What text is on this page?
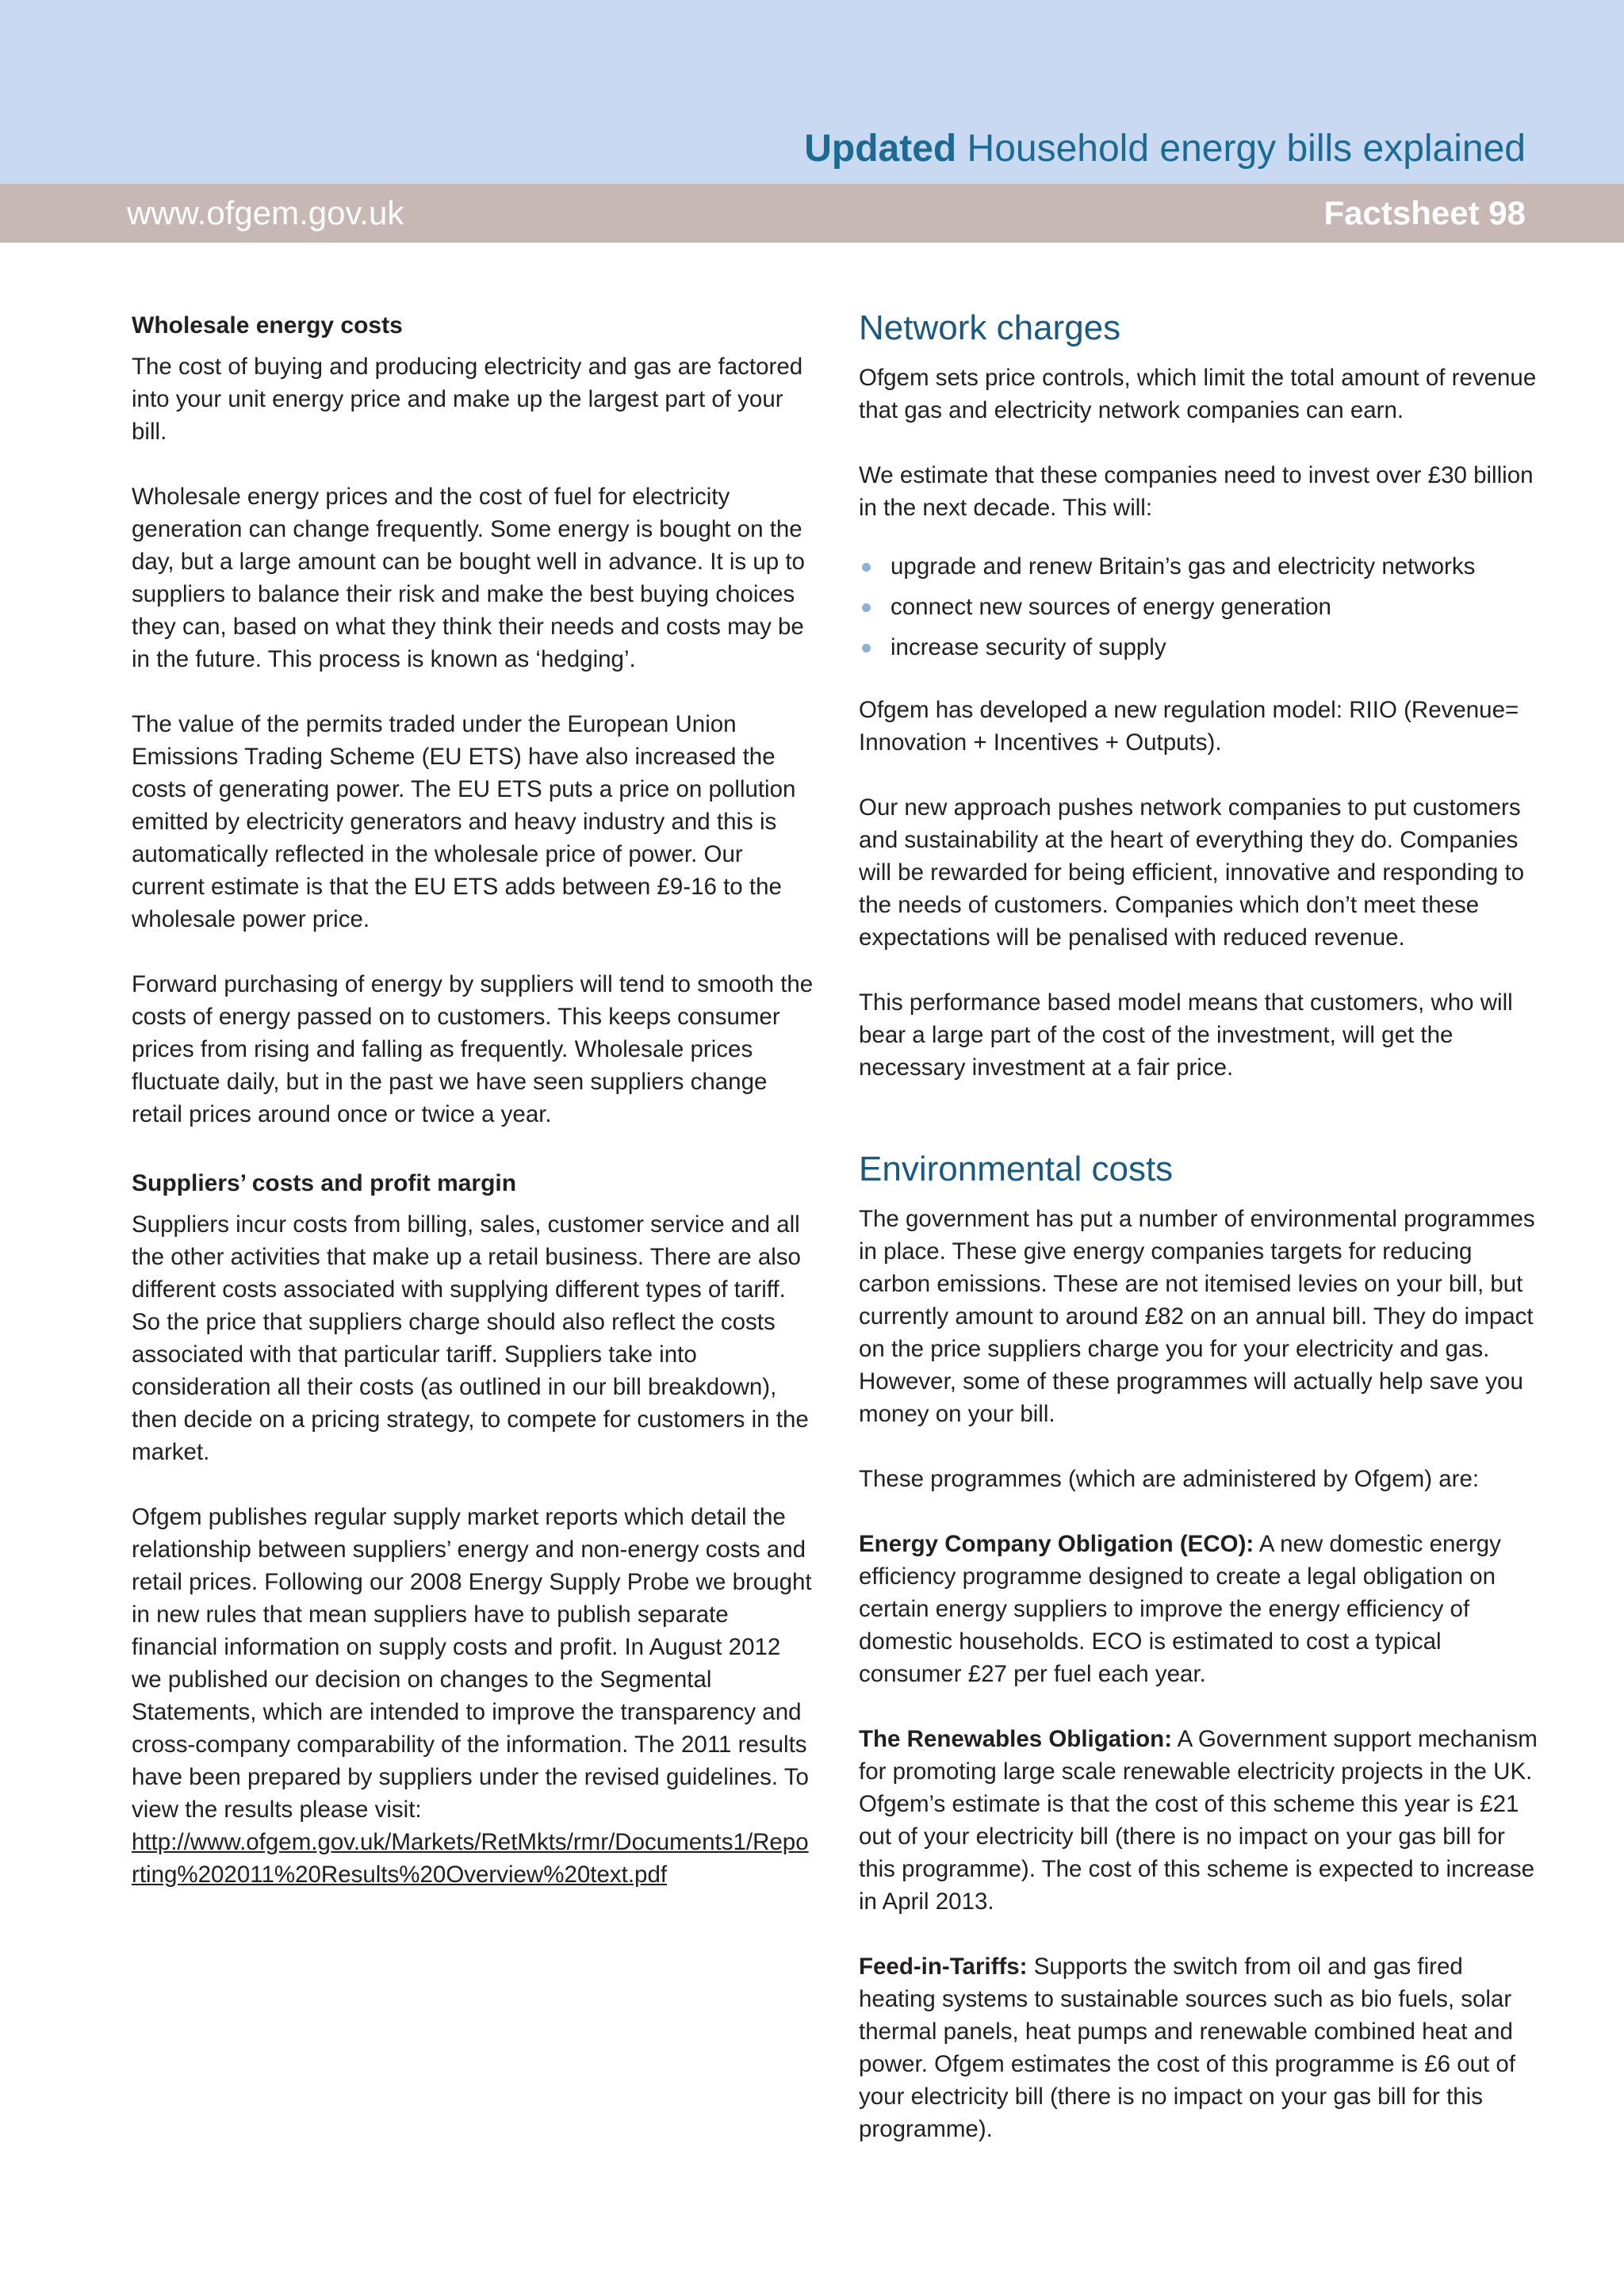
Updated Household energy bills explained
www.ofgem.gov.uk	Factsheet 98
Wholesale energy costs

The cost of buying and producing electricity and gas are factored into your unit energy price and make up the largest part of your bill.

Wholesale energy prices and the cost of fuel for electricity generation can change frequently. Some energy is bought on the day, but a large amount can be bought well in advance. It is up to suppliers to balance their risk and make the best buying choices they can, based on what they think their needs and costs may be in the future. This process is known as ‘hedging’.

The value of the permits traded under the European Union Emissions Trading Scheme (EU ETS) have also increased the costs of generating power. The EU ETS puts a price on pollution emitted by electricity generators and heavy industry and this is automatically reflected in the wholesale price of power. Our current estimate is that the EU ETS adds between £9-16 to the wholesale power price.

Forward purchasing of energy by suppliers will tend to smooth the costs of energy passed on to customers. This keeps consumer prices from rising and falling as frequently. Wholesale prices fluctuate daily, but in the past we have seen suppliers change retail prices around once or twice a year.

Suppliers’ costs and profit margin

Suppliers incur costs from billing, sales, customer service and all the other activities that make up a retail business. There are also different costs associated with supplying different types of tariff. So the price that suppliers charge should also reflect the costs associated with that particular tariff. Suppliers take into consideration all their costs (as outlined in our bill breakdown), then decide on a pricing strategy, to compete for customers in the market.

Ofgem publishes regular supply market reports which detail the relationship between suppliers’ energy and non-energy costs and retail prices. Following our 2008 Energy Supply Probe we brought in new rules that mean suppliers have to publish separate financial information on supply costs and profit. In August 2012 we published our decision on changes to the Segmental Statements, which are intended to improve the transparency and cross-company comparability of the information. The 2011 results have been prepared by suppliers under the revised guidelines. To view the results please visit:
http://www.ofgem.gov.uk/Markets/RetMkts/rmr/Documents1/Reporting%202011%20Results%20Overview%20text.pdf

Network charges

Ofgem sets price controls, which limit the total amount of revenue that gas and electricity network companies can earn.

We estimate that these companies need to invest over £30 billion in the next decade. This will:

upgrade and renew Britain’s gas and electricity networks
connect new sources of energy generation
increase security of supply

Ofgem has developed a new regulation model: RIIO (Revenue= Innovation + Incentives + Outputs).

Our new approach pushes network companies to put customers and sustainability at the heart of everything they do. Companies will be rewarded for being efficient, innovative and responding to the needs of customers. Companies which don’t meet these expectations will be penalised with reduced revenue.

This performance based model means that customers, who will bear a large part of the cost of the investment, will get the necessary investment at a fair price.

Environmental costs

The government has put a number of environmental programmes in place. These give energy companies targets for reducing carbon emissions. These are not itemised levies on your bill, but currently amount to around £82 on an annual bill. They do impact on the price suppliers charge you for your electricity and gas. However, some of these programmes will actually help save you money on your bill.

These programmes (which are administered by Ofgem) are:

Energy Company Obligation (ECO): A new domestic energy efficiency programme designed to create a legal obligation on certain energy suppliers to improve the energy efficiency of domestic households. ECO is estimated to cost a typical consumer £27 per fuel each year.

The Renewables Obligation: A Government support mechanism for promoting large scale renewable electricity projects in the UK. Ofgem’s estimate is that the cost of this scheme this year is £21 out of your electricity bill (there is no impact on your gas bill for this programme). The cost of this scheme is expected to increase in April 2013.

Feed-in-Tariffs: Supports the switch from oil and gas fired heating systems to sustainable sources such as bio fuels, solar thermal panels, heat pumps and renewable combined heat and power. Ofgem estimates the cost of this programme is £6 out of your electricity bill (there is no impact on your gas bill for this programme).
